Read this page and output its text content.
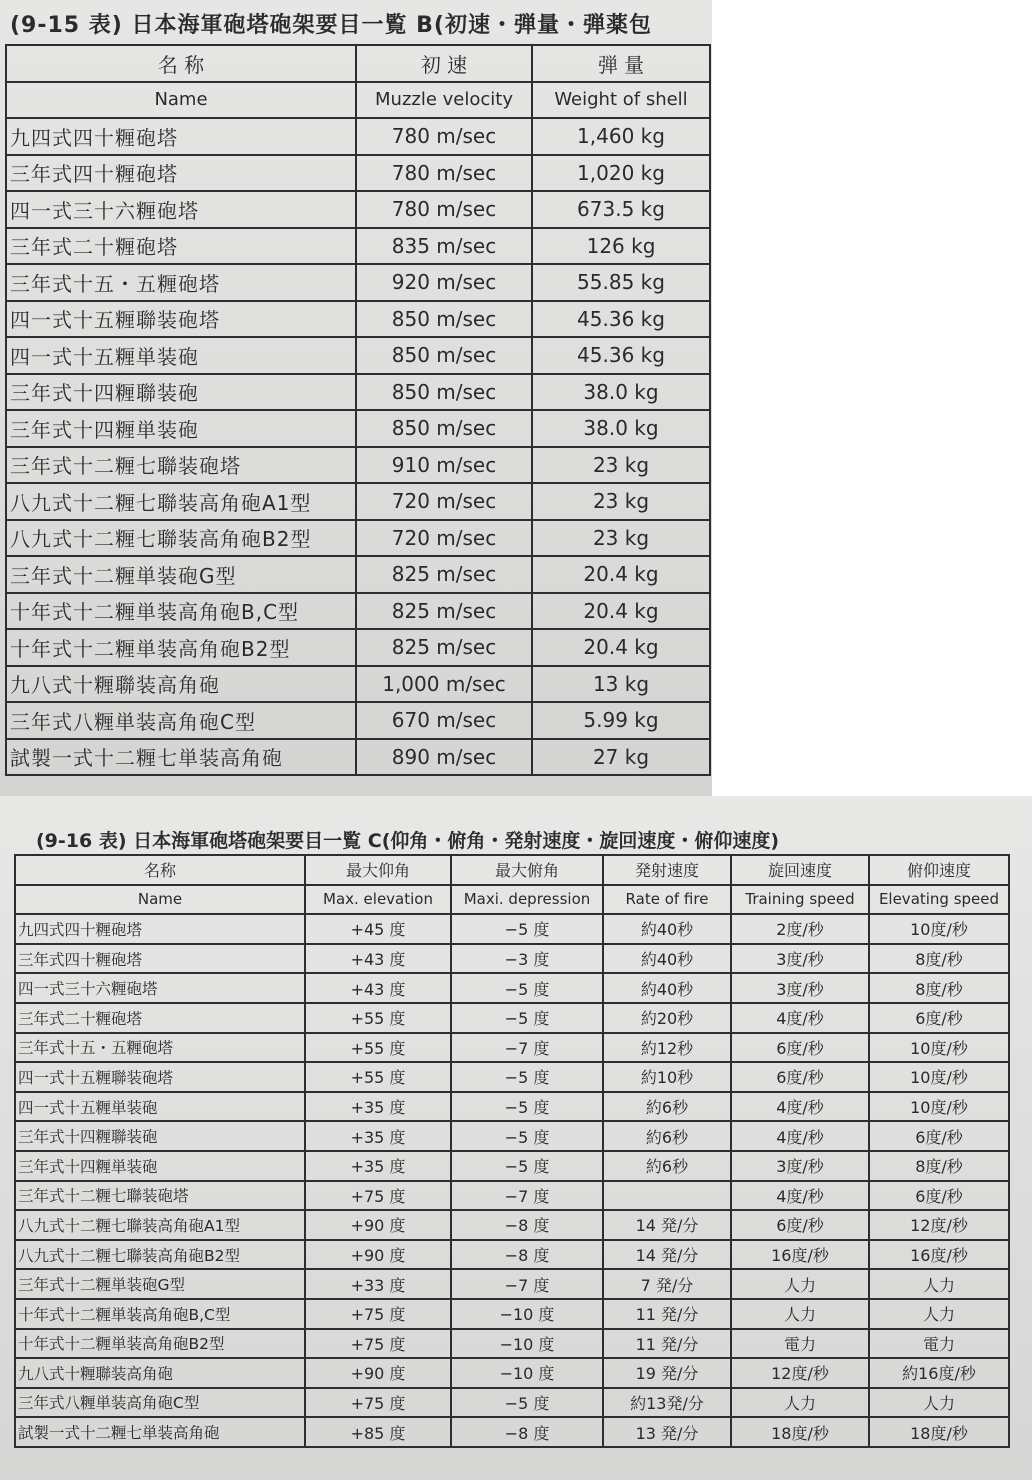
(9-15 表) 日本海軍砲塔砲架要目一覧 B(初速・弾量・弾薬包
名 称	初 速	弾 量
Name	Muzzle velocity	Weight of shell
九四式四十糎砲塔	780 m/sec	1,460 kg
三年式四十糎砲塔	780 m/sec	1,020 kg
四一式三十六糎砲塔	780 m/sec	673.5 kg
三年式二十糎砲塔	835 m/sec	126 kg
三年式十五・五糎砲塔	920 m/sec	55.85 kg
四一式十五糎聯装砲塔	850 m/sec	45.36 kg
四一式十五糎単装砲	850 m/sec	45.36 kg
三年式十四糎聯装砲	850 m/sec	38.0 kg
三年式十四糎単装砲	850 m/sec	38.0 kg
三年式十二糎七聯装砲塔	910 m/sec	23 kg
八九式十二糎七聯装高角砲A1型	720 m/sec	23 kg
八九式十二糎七聯装高角砲B2型	720 m/sec	23 kg
三年式十二糎単装砲G型	825 m/sec	20.4 kg
十年式十二糎単装高角砲B,C型	825 m/sec	20.4 kg
十年式十二糎単装高角砲B2型	825 m/sec	20.4 kg
九八式十糎聯装高角砲	1,000 m/sec	13 kg
三年式八糎単装高角砲C型	670 m/sec	5.99 kg
試製一式十二糎七単装高角砲	890 m/sec	27 kg
(9-16 表) 日本海軍砲塔砲架要目一覧 C(仰角・俯角・発射速度・旋回速度・俯仰速度)
名称	最大仰角	最大俯角	発射速度	旋回速度	俯仰速度
Name	Max. elevation	Maxi. depression	Rate of fire	Training speed	Elevating speed
九四式四十糎砲塔	+45 度	−5 度	約40秒	2度/秒	10度/秒
三年式四十糎砲塔	+43 度	−3 度	約40秒	3度/秒	8度/秒
四一式三十六糎砲塔	+43 度	−5 度	約40秒	3度/秒	8度/秒
三年式二十糎砲塔	+55 度	−5 度	約20秒	4度/秒	6度/秒
三年式十五・五糎砲塔	+55 度	−7 度	約12秒	6度/秒	10度/秒
四一式十五糎聯装砲塔	+55 度	−5 度	約10秒	6度/秒	10度/秒
四一式十五糎単装砲	+35 度	−5 度	約6秒	4度/秒	10度/秒
三年式十四糎聯装砲	+35 度	−5 度	約6秒	4度/秒	6度/秒
三年式十四糎単装砲	+35 度	−5 度	約6秒	3度/秒	8度/秒
三年式十二糎七聯装砲塔	+75 度	−7 度		4度/秒	6度/秒
八九式十二糎七聯装高角砲A1型	+90 度	−8 度	14 発/分	6度/秒	12度/秒
八九式十二糎七聯装高角砲B2型	+90 度	−8 度	14 発/分	16度/秒	16度/秒
三年式十二糎単装砲G型	+33 度	−7 度	7 発/分	人力	人力
十年式十二糎単装高角砲B,C型	+75 度	−10 度	11 発/分	人力	人力
十年式十二糎単装高角砲B2型	+75 度	−10 度	11 発/分	電力	電力
九八式十糎聯装高角砲	+90 度	−10 度	19 発/分	12度/秒	約16度/秒
三年式八糎単装高角砲C型	+75 度	−5 度	約13発/分	人力	人力
試製一式十二糎七単装高角砲	+85 度	−8 度	13 発/分	18度/秒	18度/秒
